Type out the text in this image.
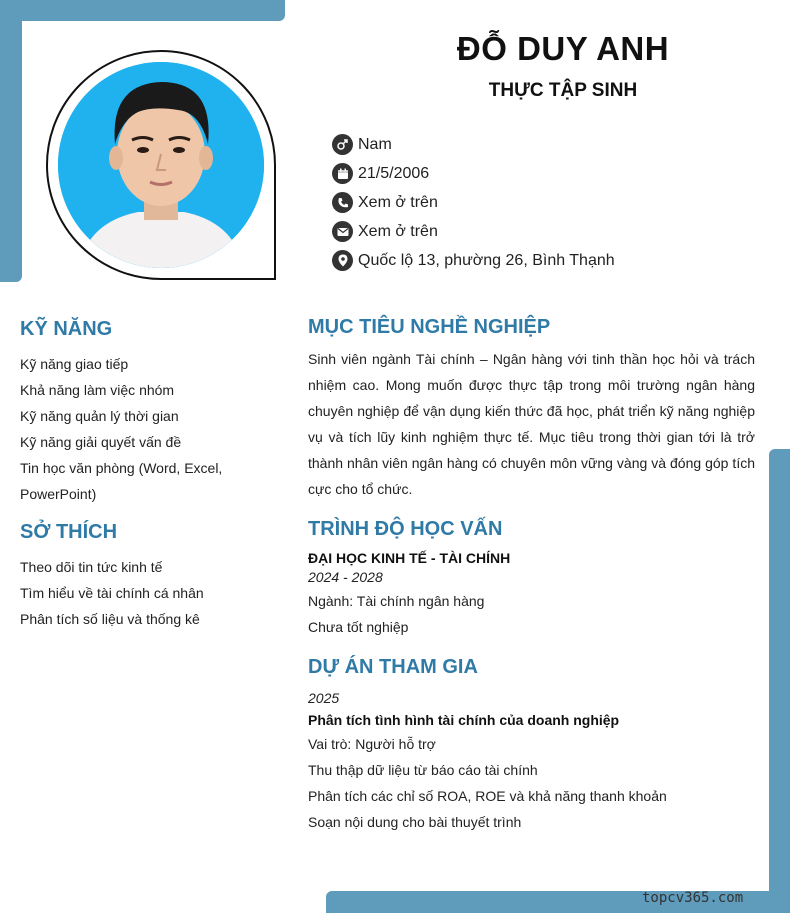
ĐỖ DUY ANH
THỰC TẬP SINH
Nam
21/5/2006
Xem ở trên
Xem ở trên
Quốc lộ 13, phường 26, Bình Thạnh
KỸ NĂNG
Kỹ năng giao tiếp
Khả năng làm việc nhóm
Kỹ năng quản lý thời gian
Kỹ năng giải quyết vấn đề
Tin học văn phòng (Word, Excel, PowerPoint)
SỞ THÍCH
Theo dõi tin tức kinh tế
Tìm hiểu về tài chính cá nhân
Phân tích số liệu và thống kê
MỤC TIÊU NGHỀ NGHIỆP
Sinh viên ngành Tài chính – Ngân hàng với tinh thần học hỏi và trách nhiệm cao. Mong muốn được thực tập trong môi trường ngân hàng chuyên nghiệp để vận dụng kiến thức đã học, phát triển kỹ năng nghiệp vụ và tích lũy kinh nghiệm thực tế. Mục tiêu trong thời gian tới là trở thành nhân viên ngân hàng có chuyên môn vững vàng và đóng góp tích cực cho tổ chức.
TRÌNH ĐỘ HỌC VẤN
ĐẠI HỌC KINH TẾ - TÀI CHÍNH
2024 - 2028
Ngành: Tài chính ngân hàng
Chưa tốt nghiệp
DỰ ÁN THAM GIA
2025
Phân tích tình hình tài chính của doanh nghiệp
Vai trò: Người hỗ trợ
Thu thập dữ liệu từ báo cáo tài chính
Phân tích các chỉ số ROA, ROE và khả năng thanh khoản
Soạn nội dung cho bài thuyết trình
topcv365.com
